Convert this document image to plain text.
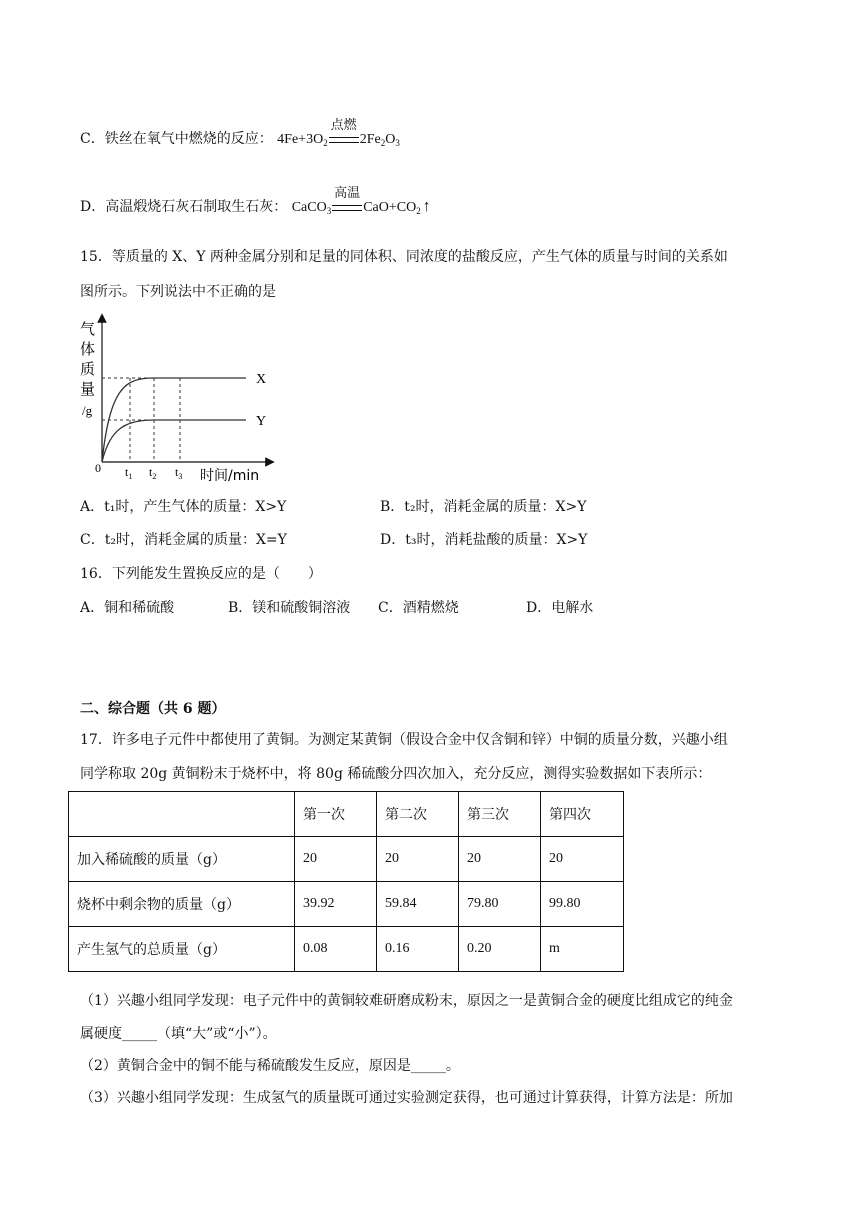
C．铁丝在氧气中燃烧的反应： $4Fe+3O_2$
点燃
$2Fe_2O_3$
D．高温煅烧石灰石制取生石灰： CaCO$_3$
高温
$CaO+CO_2$ ↑
15．等质量的 X、Y 两种金属分别和足量的同体积、同浓度的盐酸反应，产生气体的质量与时间的关系如
图所示。下列说法中不正确的是
气
体
质
量
/g
0
X
Y
$t_1$ $t_2$ $t_3$ 时间/min
A．t₁时，产生气体的质量：X>Y	B．t₂时，消耗金属的质量：X>Y
C．t₂时，消耗金属的质量：X=Y	D．t₃时，消耗盐酸的质量：X>Y
16．下列能发生置换反应的是（　　）
A．铜和稀硫酸	B．镁和硫酸铜溶液 C．酒精燃烧	D．电解水
二、综合题（共 6 题）
17．许多电子元件中都使用了黄铜。为测定某黄铜（假设合金中仅含铜和锌）中铜的质量分数，兴趣小组
同学称取 20g 黄铜粉末于烧杯中，将 80g 稀硫酸分四次加入，充分反应，测得实验数据如下表所示：
	第一次	第二次	第三次	第四次
加入稀硫酸的质量（g）	20	20	20	20
烧杯中剩余物的质量（g）	39.92	59.84	79.80	99.80
产生氢气的总质量（g）	0.08	0.16	0.20	m
（1）兴趣小组同学发现：电子元件中的黄铜较难研磨成粉末，原因之一是黄铜合金的硬度比组成它的纯金
属硬度_____（填“大”或“小”）。
（2）黄铜合金中的铜不能与稀硫酸发生反应，原因是_____。
（3）兴趣小组同学发现：生成氢气的质量既可通过实验测定获得，也可通过计算获得，计算方法是：所加
